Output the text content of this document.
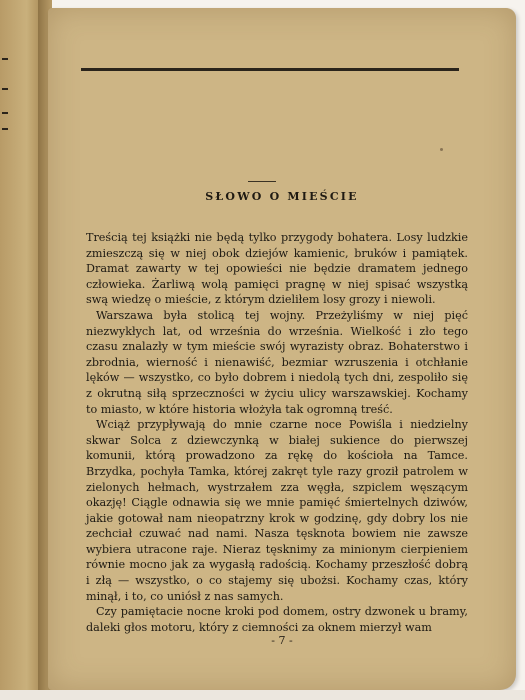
SŁOWO O MIEŚCIE

Treścią tej książki nie będą tylko przygody bohatera. Losy ludzkie zmieszczą się w niej obok dziejów kamienic, bruków i pamiątek. Dramat zawarty w tej opowieści nie będzie dramatem jednego człowieka. Żarliwą wolą pamięci pragnę w niej spisać wszystką swą wiedzę o mieście, z którym dzieliłem losy grozy i niewoli.

Warszawa była stolicą tej wojny. Przeżyliśmy w niej pięć niezwykłych lat, od września do września. Wielkość i zło tego czasu znalazły w tym mieście swój wyrazisty obraz. Bohaterstwo i zbrodnia, wierność i nienawiść, bezmiar wzruszenia i otchłanie lęków — wszystko, co było dobrem i niedolą tych dni, zespoliło się z okrutną siłą sprzeczności w życiu ulicy warszawskiej. Kochamy to miasto, w które historia włożyła tak ogromną treść.

Wciąż przypływają do mnie czarne noce Powiśla i niedzielny skwar Solca z dziewczynką w białej sukience do pierwszej komunii, którą prowadzono za rękę do kościoła na Tamce. Brzydka, pochyła Tamka, której zakręt tyle razy groził patrolem w zielonych hełmach, wystrzałem zza węgła, szpiclem węszącym okazję! Ciągle odnawia się we mnie pamięć śmiertelnych dziwów, jakie gotował nam nieopatrzny krok w godzinę, gdy dobry los nie zechciał czuwać nad nami. Nasza tęsknota bowiem nie zawsze wybiera utracone raje. Nieraz tęsknimy za minionym cierpieniem równie mocno jak za wygasłą radością. Kochamy przeszłość dobrą i złą — wszystko, o co stajemy się ubożsi. Kochamy czas, który minął, i to, co uniósł z nas samych.

Czy pamiętacie nocne kroki pod domem, ostry dzwonek u bramy, daleki głos motoru, który z ciemności za oknem mierzył wam

- 7 -
